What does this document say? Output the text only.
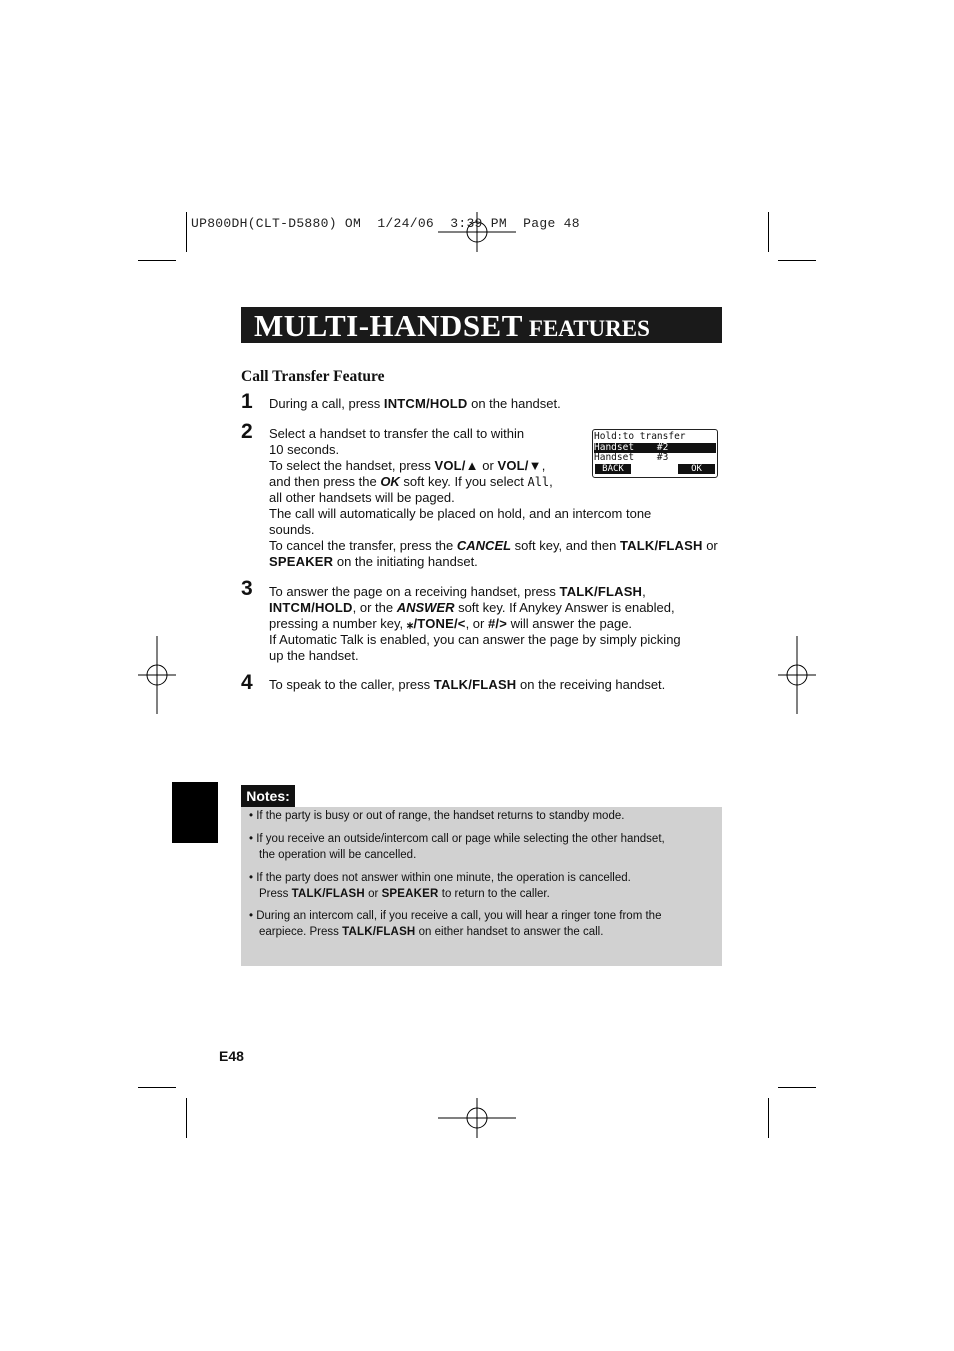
UP800DH(CLT-D5880) OM  1/24/06  3:39 PM  Page 48
MULTI-HANDSET FEATURES
Call Transfer Feature
1 During a call, press INTCM/HOLD on the handset.
2 Select a handset to transfer the call to within
10 seconds.
To select the handset, press VOL/▲ or VOL/▼,
and then press the OK soft key. If you select All,
all other handsets will be paged.
The call will automatically be placed on hold, and an intercom tone
sounds.
To cancel the transfer, press the CANCEL soft key, and then TALK/FLASH or
SPEAKER on the initiating handset.
Hold:to transfer
Handset    #2
Handset    #3
BACK	OK
3 To answer the page on a receiving handset, press TALK/FLASH,
INTCM/HOLD, or the ANSWER soft key. If Anykey Answer is enabled,
pressing a number key, ⁎/TONE/<, or #/> will answer the page.
If Automatic Talk is enabled, you can answer the page by simply picking
up the handset.
4 To speak to the caller, press TALK/FLASH on the receiving handset.
Notes:
• If the party is busy or out of range, the handset returns to standby mode.
• If you receive an outside/intercom call or page while selecting the other handset,
the operation will be cancelled.
• If the party does not answer within one minute, the operation is cancelled.
Press TALK/FLASH or SPEAKER to return to the caller.
• During an intercom call, if you receive a call, you will hear a ringer tone from the
earpiece. Press TALK/FLASH on either handset to answer the call.
E48
